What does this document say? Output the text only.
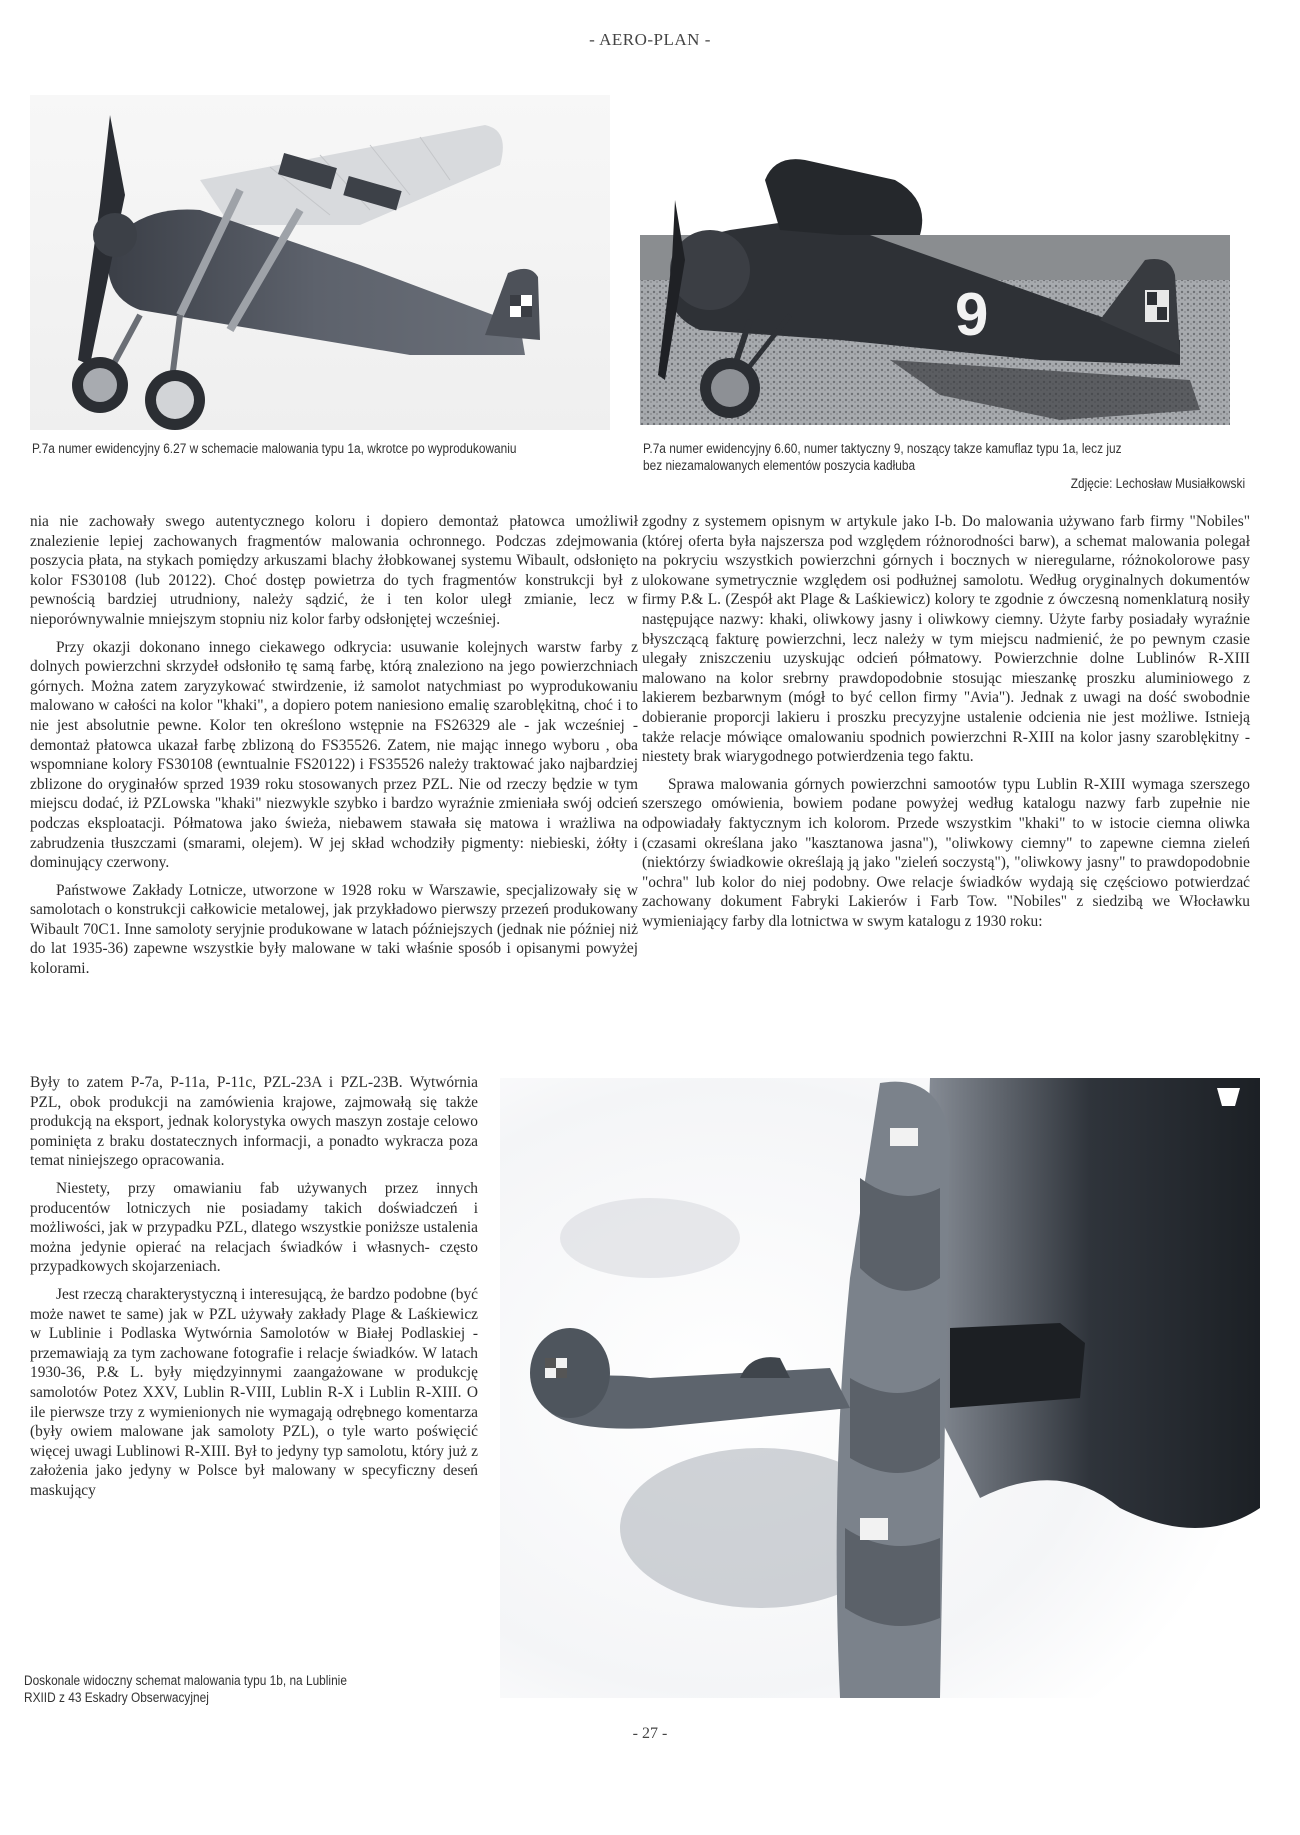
- AERO-PLAN -
P.7a numer ewidencyjny 6.27 w schemacie malowania typu 1a, wkrotce po wyprodukowaniu
9
P.7a numer ewidencyjny 6.60, numer taktyczny 9, noszący takze kamuflaz typu 1a, lecz juz
bez niezamalowanych elementów poszycia kadłuba
Zdjęcie: Lechosław Musiałkowski

nia nie zachowały swego autentycznego koloru i dopiero demontaż płatowca umożliwił znalezienie lepiej zachowanych fragmentów malowania ochronnego. Podczas zdejmowania poszycia płata, na stykach pomiędzy arkuszami blachy żłobkowanej systemu Wibault, odsłonięto kolor FS30108 (lub 20122). Choć dostęp powietrza do tych fragmentów konstrukcji był z pewnością bardziej utrudniony, należy sądzić, że i ten kolor uległ zmianie, lecz w nieporównywalnie mniejszym stopniu niz kolor farby odsłonįętej wcześniej.

Przy okazji dokonano innego ciekawego odkrycia: usuwanie kolejnych warstw farby z dolnych powierzchni skrzydeł odsłoniło tę samą farbę, którą znaleziono na jego powierzchniach górnych. Można zatem zaryzykować stwirdzenie, iż samolot natychmiast po wyprodukowaniu malowano w całości na kolor "khaki", a dopiero potem naniesiono emalię szaroblękitną, choć i to nie jest absolutnie pewne. Kolor ten określono wstępnie na FS26329 ale - jak wcześniej - demontaż płatowca ukazał farbę zblizoną do FS35526. Zatem, nie mając innego wyboru , oba wspomniane kolory FS30108 (ewntualnie FS20122) i FS35526 należy traktować jako najbardziej zblizone do oryginałów sprzed 1939 roku stosowanych przez PZL. Nie od rzeczy będzie w tym miejscu dodać, iż PZLowska "khaki" niezwykle szybko i bardzo wyraźnie zmieniała swój odcień podczas eksploatacji. Półmatowa jako świeża, niebawem stawała się matowa i wrażliwa na zabrudzenia tłuszczami (smarami, olejem). W jej skład wchodziły pigmenty: niebieski, żółty i dominujący czerwony.

Państwowe Zakłady Lotnicze, utworzone w 1928 roku w Warszawie, specjalizowały się w samolotach o konstrukcji całkowicie metalowej, jak przykładowo pierwszy przezeń produkowany Wibault 70C1. Inne samoloty seryjnie produkowane w latach późniejszych (jednak nie później niż do lat 1935-36) zapewne wszystkie były malowane w taki właśnie sposób i opisanymi powyżej kolorami.

Były to zatem P-7a, P-11a, P-11c, PZL-23A i PZL-23B. Wytwórnia PZL, obok produkcji na zamówienia krajowe, zajmowałą się także produkcją na eksport, jednak kolorystyka owych maszyn zostaje celowo pominięta z braku dostatecznych informacji, a ponadto wykracza poza temat niniejszego opracowania.

Niestety, przy omawianiu fab używanych przez innych producentów lotniczych nie posiadamy takich doświadczeń i możliwości, jak w przypadku PZL, dlatego wszystkie poniższe ustalenia można jedynie opierać na relacjach świadków i własnych- często przypadkowych skojarzeniach.

Jest rzeczą charakterystyczną i interesującą, że bardzo podobne (być może nawet te same) jak w PZL używały zakłady Plage & Laśkiewicz w Lublinie i Podlaska Wytwórnia Samolotów w Białej Podlaskiej - przemawiają za tym zachowane fotografie i relacje świadków. W latach 1930-36, P.& L. były międzyinnymi zaangażowane w produkcję samolotów Potez XXV, Lublin R-VIII, Lublin R-X i Lublin R-XIII. O ile pierwsze trzy z wymienionych nie wymagają odrębnego komentarza (były owiem malowane jak samoloty PZL), o tyle warto poświęcić więcej uwagi Lublinowi R-XIII. Był to jedyny typ samolotu, który już z założenia jako jedyny w Polsce był malowany w specyficzny deseń maskujący

zgodny z systemem opisnym w artykule jako I-b. Do malowania używano farb firmy "Nobiles" (której oferta była najszersza pod względem różnorodności barw), a schemat malowania polegał na pokryciu wszystkich powierzchni górnych i bocznych w nieregularne, różnokolorowe pasy ulokowane symetrycznie względem osi podłużnej samolotu. Według oryginalnych dokumentów firmy P.& L. (Zespół akt Plage & Laśkiewicz) kolory te zgodnie z ówczesną nomenklaturą nosiły następujące nazwy: khaki, oliwkowy jasny i oliwkowy ciemny. Użyte farby posiadały wyraźnie błyszczącą fakturę powierzchni, lecz należy w tym miejscu nadmienić, że po pewnym czasie ulegały zniszczeniu uzyskując odcień półmatowy. Powierzchnie dolne Lublinów R-XIII malowano na kolor srebrny prawdopodobnie stosując mieszankę proszku aluminiowego z lakierem bezbarwnym (mógł to być cellon firmy "Avia"). Jednak z uwagi na dość swobodnie dobieranie proporcji lakieru i proszku precyzyjne ustalenie odcienia nie jest możliwe. Istnieją także relacje mówiące omalowaniu spodnich powierzchni R-XIII na kolor jasny szaroblękitny - niestety brak wiarygodnego potwierdzenia tego faktu.

Sprawa malowania górnych powierzchni samootów typu Lublin R-XIII wymaga szerszego szerszego omówienia, bowiem podane powyżej według katalogu nazwy farb zupełnie nie odpowiadały faktycznym ich kolorom. Przede wszystkim "khaki" to w istocie ciemna oliwka (czasami określana jako "kasztanowa jasna"), "oliwkowy ciemny" to zapewne ciemna zieleń (niektórzy świadkowie określają ją jako "zieleń soczystą"), "oliwkowy jasny" to prawdopodobnie "ochra" lub kolor do niej podobny. Owe relacje świadków wydają się częściowo potwierdzać zachowany dokument Fabryki Lakierów i Farb Tow. "Nobiles" z siedzibą we Włocławku wymieniający farby dla lotnictwa w swym katalogu z 1930 roku:

Doskonale widoczny schemat malowania typu 1b, na Lublinie
RXIID z 43 Eskadry Obserwacyjnej
- 27 -
